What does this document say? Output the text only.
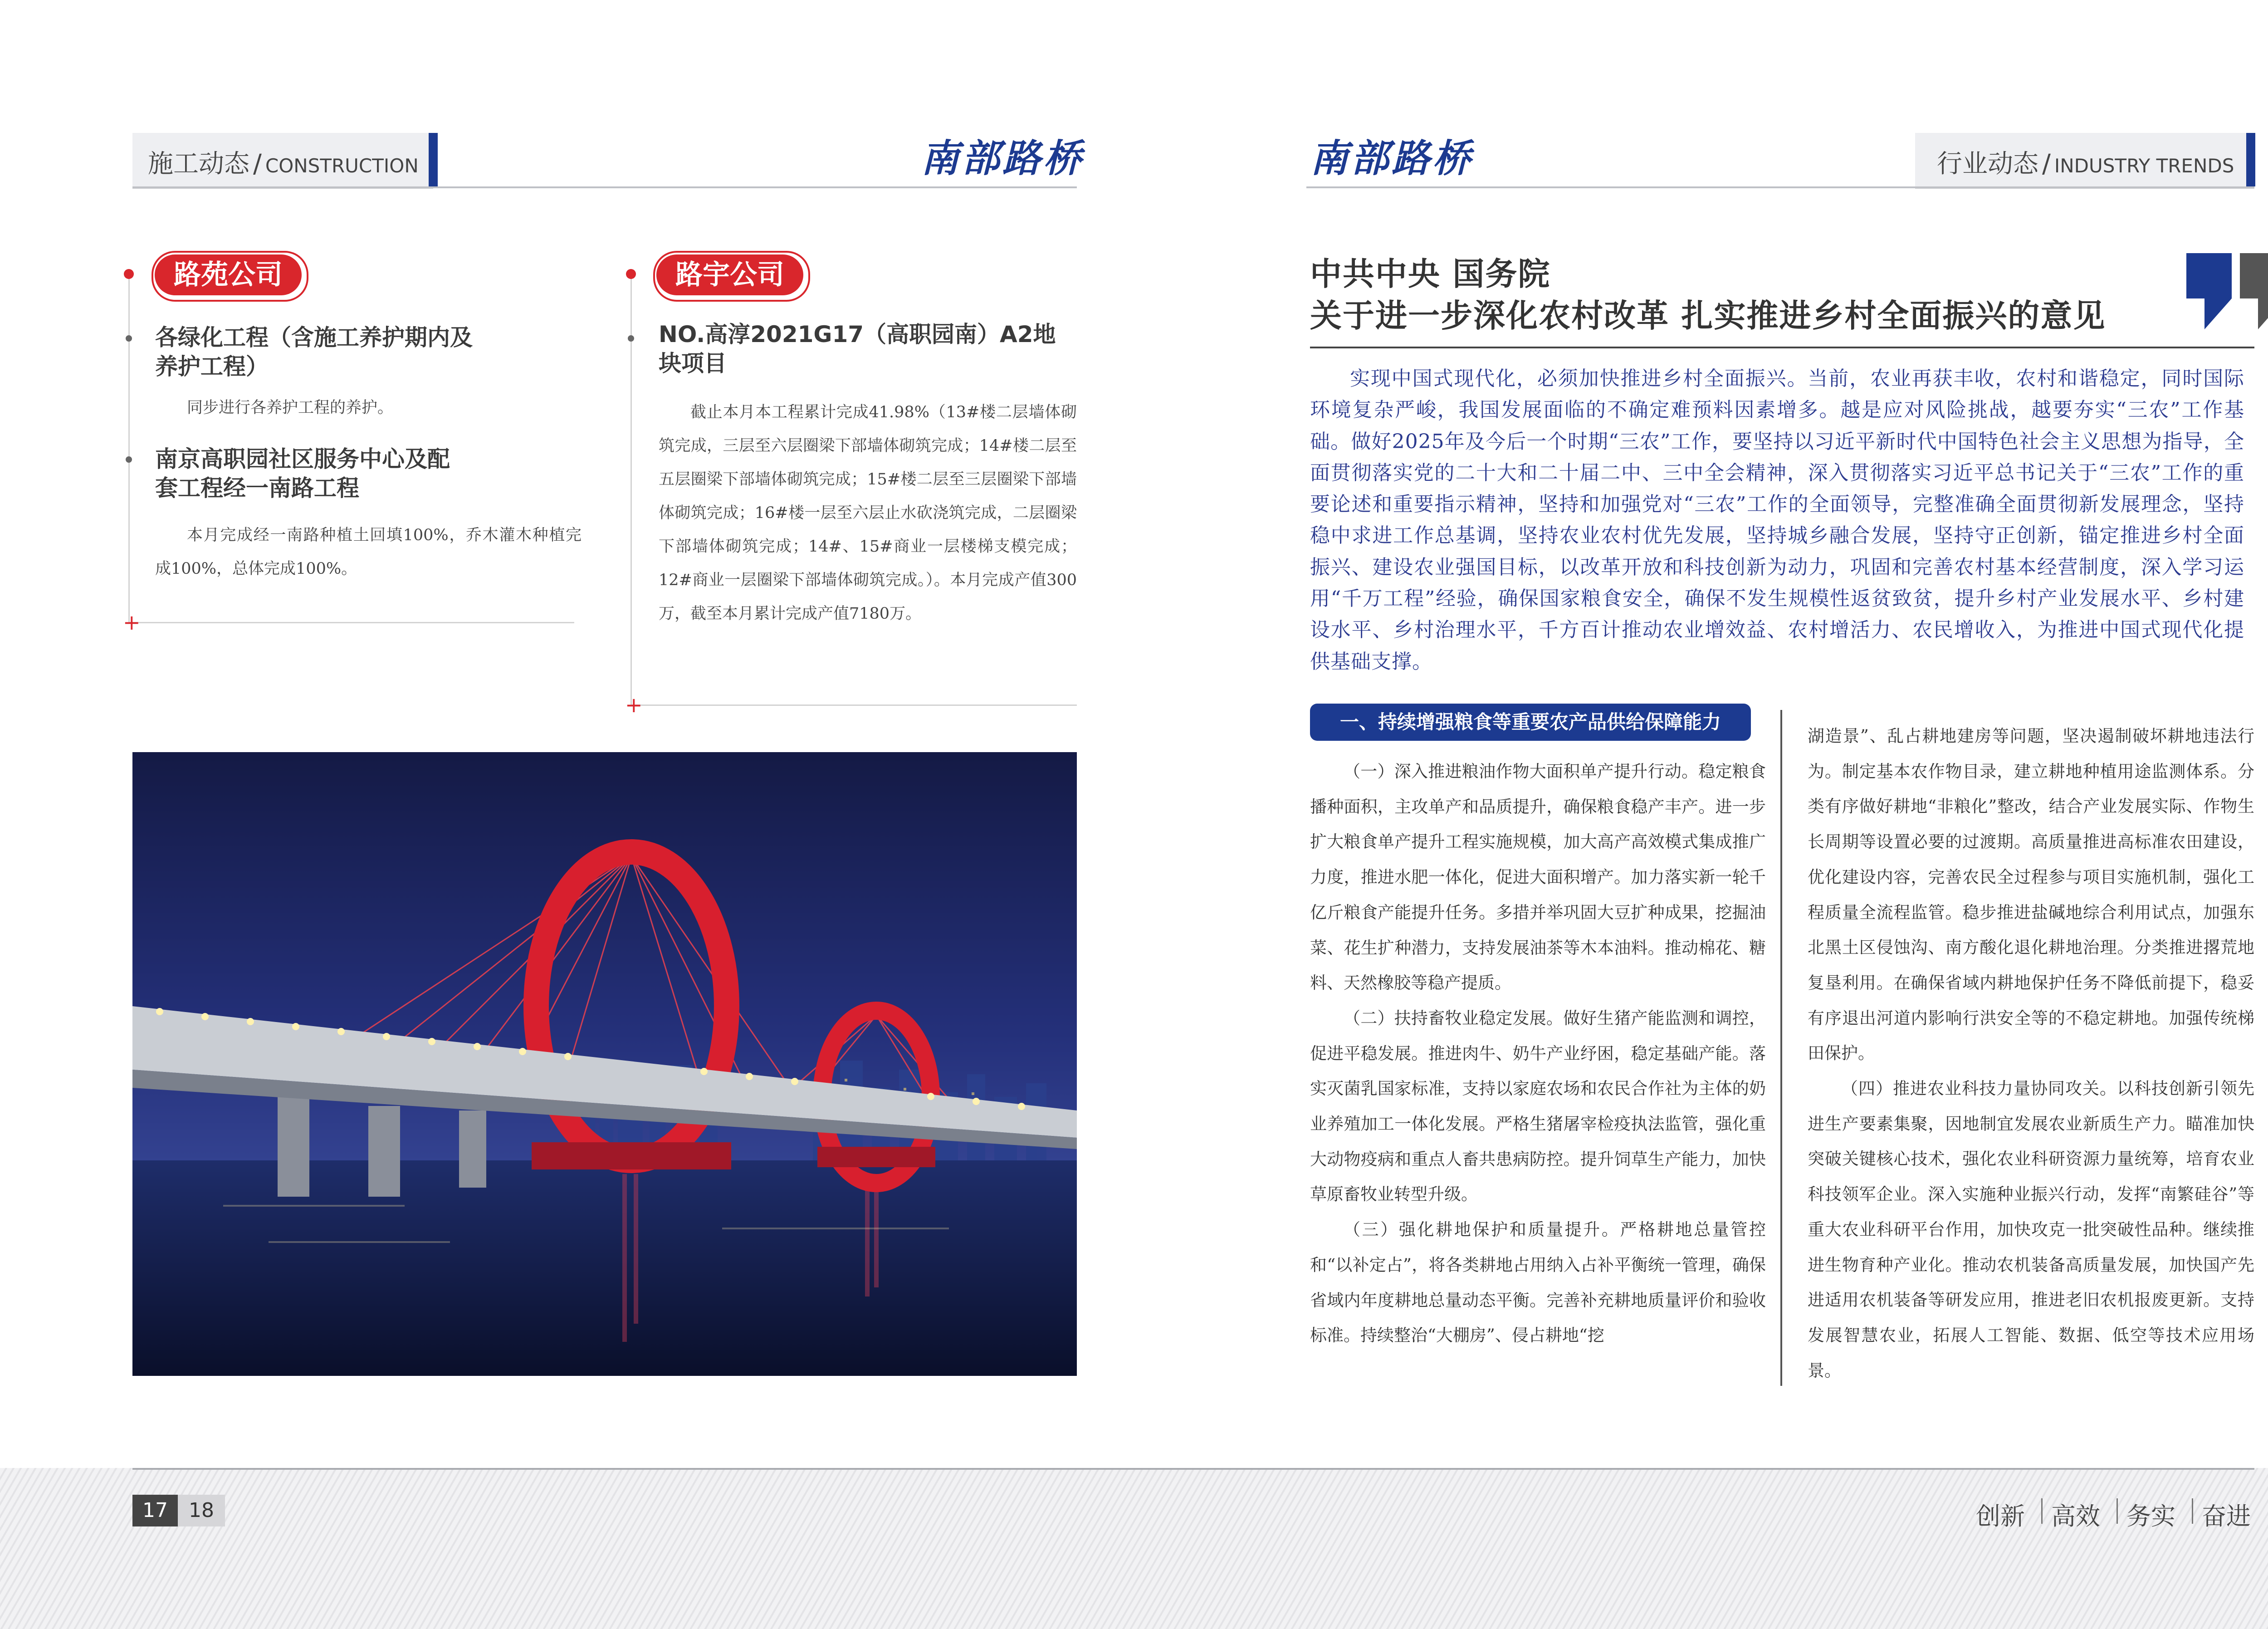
施工动态 / CONSTRUCTION	南部路桥
路苑公司
各绿化工程（含施工养护期内及养护工程）
同步进行各养护工程的养护。
南京高职园社区服务中心及配套工程经一南路工程
本月完成经一南路种植土回填100%，乔木灌木种植完成100%，总体完成100%。
+
路宇公司
NO.高淳2021G17（高职园南）A2地块项目
截止本月本工程累计完成41.98%（13#楼二层墙体砌筑完成，三层至六层圈梁下部墙体砌筑完成；14#楼二层至五层圈梁下部墙体砌筑完成；15#楼二层至三层圈梁下部墙体砌筑完成；16#楼一层至六层止水砍浇筑完成，二层圈梁下部墙体砌筑完成；14#、15#商业一层楼梯支模完成；12#商业一层圈梁下部墙体砌筑完成。）。本月完成产值300万，截至本月累计完成产值7180万。
+
南部路桥	行业动态 / INDUSTRY TRENDS
中共中央 国务院
关于进一步深化农村改革 扎实推进乡村全面振兴的意见
实现中国式现代化，必须加快推进乡村全面振兴。当前，农业再获丰收，农村和谐稳定，同时国际环境复杂严峻，我国发展面临的不确定难预料因素增多。越是应对风险挑战，越要夯实“三农”工作基础。做好2025年及今后一个时期“三农”工作，要坚持以习近平新时代中国特色社会主义思想为指导，全面贯彻落实党的二十大和二十届二中、三中全会精神，深入贯彻落实习近平总书记关于“三农”工作的重要论述和重要指示精神，坚持和加强党对“三农”工作的全面领导，完整准确全面贯彻新发展理念，坚持稳中求进工作总基调，坚持农业农村优先发展，坚持城乡融合发展，坚持守正创新，锚定推进乡村全面振兴、建设农业强国目标，以改革开放和科技创新为动力，巩固和完善农村基本经营制度，深入学习运用“千万工程”经验，确保国家粮食安全，确保不发生规模性返贫致贫，提升乡村产业发展水平、乡村建设水平、乡村治理水平，千方百计推动农业增效益、农村增活力、农民增收入，为推进中国式现代化提供基础支撑。
一、持续增强粮食等重要农产品供给保障能力

（一）深入推进粮油作物大面积单产提升行动。稳定粮食播种面积，主攻单产和品质提升，确保粮食稳产丰产。进一步扩大粮食单产提升工程实施规模，加大高产高效模式集成推广力度，推进水肥一体化，促进大面积增产。加力落实新一轮千亿斤粮食产能提升任务。多措并举巩固大豆扩种成果，挖掘油菜、花生扩种潜力，支持发展油茶等木本油料。推动棉花、糖料、天然橡胶等稳产提质。

（二）扶持畜牧业稳定发展。做好生猪产能监测和调控，促进平稳发展。推进肉牛、奶牛产业纾困，稳定基础产能。落实灭菌乳国家标准，支持以家庭农场和农民合作社为主体的奶业养殖加工一体化发展。严格生猪屠宰检疫执法监管，强化重大动物疫病和重点人畜共患病防控。提升饲草生产能力，加快草原畜牧业转型升级。

（三）强化耕地保护和质量提升。严格耕地总量管控和“以补定占”，将各类耕地占用纳入占补平衡统一管理，确保省域内年度耕地总量动态平衡。完善补充耕地质量评价和验收标准。持续整治“大棚房”、侵占耕地“挖

湖造景”、乱占耕地建房等问题，坚决遏制破坏耕地违法行为。制定基本农作物目录，建立耕地种植用途监测体系。分类有序做好耕地“非粮化”整改，结合产业发展实际、作物生长周期等设置必要的过渡期。高质量推进高标准农田建设，优化建设内容，完善农民全过程参与项目实施机制，强化工程质量全流程监管。稳步推进盐碱地综合利用试点，加强东北黑土区侵蚀沟、南方酸化退化耕地治理。分类推进撂荒地复垦利用。在确保省域内耕地保护任务不降低前提下，稳妥有序退出河道内影响行洪安全等的不稳定耕地。加强传统梯田保护。

（四）推进农业科技力量协同攻关。以科技创新引领先进生产要素集聚，因地制宜发展农业新质生产力。瞄准加快突破关键核心技术，强化农业科研资源力量统筹，培育农业科技领军企业。深入实施种业振兴行动，发挥“南繁硅谷”等重大农业科研平台作用，加快攻克一批突破性品种。继续推进生物育种产业化。推动农机装备高质量发展，加快国产先进适用农机装备等研发应用，推进老旧农机报废更新。支持发展智慧农业，拓展人工智能、数据、低空等技术应用场景。

17	18	创新 高效 务实 奋进
